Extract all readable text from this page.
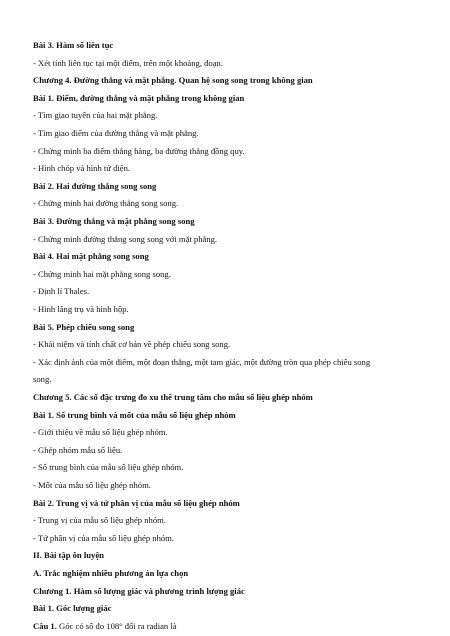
Bài 3. Hàm số liên tục
- Xét tính liên tục tại một điểm, trên một khoảng, đoạn.
Chương 4. Đường thẳng và mặt phẳng. Quan hệ song song trong không gian
Bài 1. Điểm, đường thẳng và mặt phẳng trong không gian
- Tìm giao tuyến của hai mặt phẳng.
- Tìm giao điểm của đường thẳng và mặt phẳng.
- Chứng minh ba điểm thẳng hàng, ba đường thẳng đồng quy.
- Hình chóp và hình tứ diện.
Bài 2. Hai đường thẳng song song
- Chứng minh hai đường thẳng song song.
Bài 3. Đường thẳng và mặt phẳng song song
- Chứng minh đường thẳng song song với mặt phẳng.
Bài 4. Hai mặt phẳng song song
- Chứng minh hai mặt phẳng song song.
- Định lí Thales.
- Hình lăng trụ và hình hộp.
Bài 5. Phép chiếu song song
- Khái niệm và tính chất cơ bản về phép chiếu song song.
- Xác định ảnh của một điểm, một đoạn thẳng, một tam giác, một đường tròn qua phép chiếu song
song.
Chương 5. Các số đặc trưng đo xu thế trung tâm cho mẫu số liệu ghép nhóm
Bài 1. Số trung bình và mốt của mẫu số liệu ghép nhóm
- Giới thiệu về mẫu số liệu ghép nhóm.
- Ghép nhóm mẫu số liệu.
- Số trung bình của mẫu số liệu ghép nhóm.
- Mốt của mẫu số liệu ghép nhóm.
Bài 2. Trung vị và tứ phân vị của mẫu số liệu ghép nhóm
- Trung vị của mẫu số liệu ghép nhóm.
- Tứ phân vị của mẫu số liệu ghép nhóm.
II. Bài tập ôn luyện
A. Trắc nghiệm nhiều phương án lựa chọn
Chương 1. Hàm số lượng giác và phương trình lượng giác
Bài 1. Góc lượng giác
Câu 1. Góc có số đo 108° đổi ra radian là
